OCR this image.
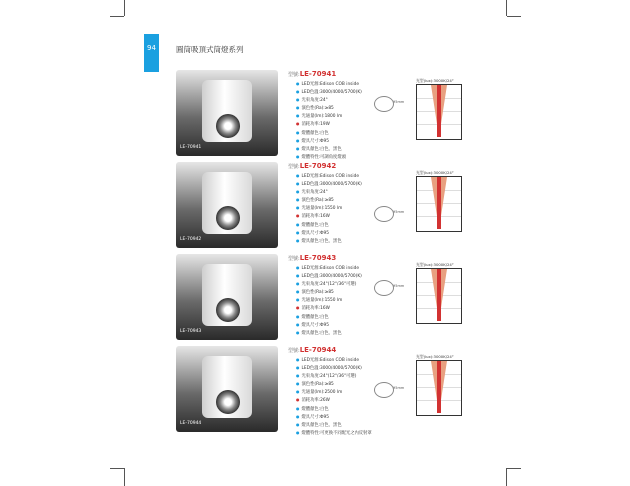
94	圓筒吸頂式筒燈系列
LE-70941
型號:LE-70941
● LED光源:Edison COB inside
● LED色溫:3000/4000/5700(K)
● 光束角度:24°
● 演色性(Ra):≥85
● 光通量(lm):1800 lm
● 消耗功率:19W
● 燈體顏色:白色
● 燈具尺寸:Φ95
● 燈具顏色:白色、黑色
● 燈體特性:可調角度燈頭
95mm
光型(lux):3000K/24°
LE-70942
型號:LE-70942
● LED光源:Edison COB inside
● LED色溫:3000/4000/5700(K)
● 光束角度:24°
● 演色性(Ra):≥85
● 光通量(lm):1550 lm
● 消耗功率:16W
● 燈體顏色:白色
● 燈具尺寸:Φ95
● 燈具顏色:白色、黑色
95mm
光型(lux):3000K/24°
LE-70943
型號:LE-70943
● LED光源:Edison COB inside
● LED色溫:3000/4000/5700(K)
● 光束角度:24°(12°/36°可選)
● 演色性(Ra):≥85
● 光通量(lm):1550 lm
● 消耗功率:16W
● 燈體顏色:白色
● 燈具尺寸:Φ95
● 燈具顏色:白色、黑色
95mm
光型(lux):3000K/24°
LE-70944
型號:LE-70944
● LED光源:Edison COB inside
● LED色溫:3000/4000/5700(K)
● 光束角度:24°(12°/36°可選)
● 演色性(Ra):≥85
● 光通量(lm):2500 lm
● 消耗功率:26W
● 燈體顏色:白色
● 燈具尺寸:Φ95
● 燈具顏色:白色、黑色
● 燈體特性:可更換不同配光之內反射罩
95mm
光型(lux):3000K/24°
